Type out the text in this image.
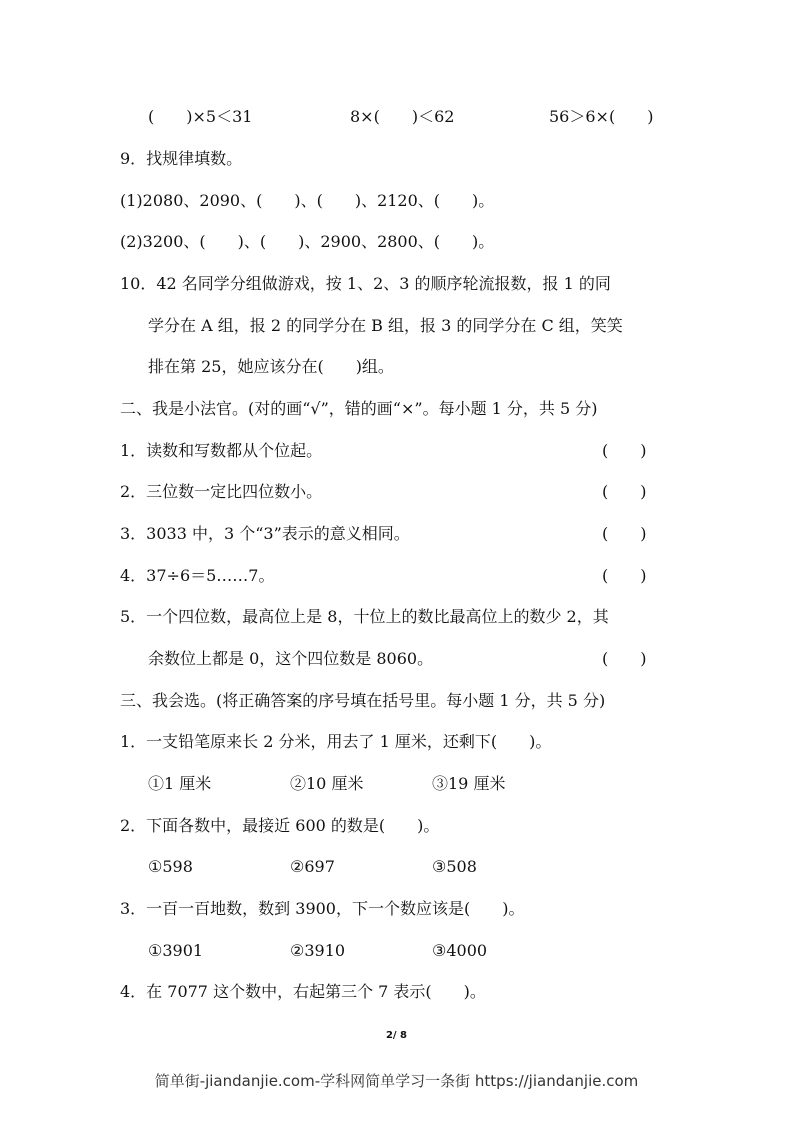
(　　)×5＜31	8×(　　)＜62	56＞6×(　　)
9．找规律填数。
(1)2080、2090、(　　)、(　　)、2120、(　　)。
(2)3200、(　　)、(　　)、2900、2800、(　　)。
10．42 名同学分组做游戏，按 1、2、3 的顺序轮流报数，报 1 的同
学分在 A 组，报 2 的同学分在 B 组，报 3 的同学分在 C 组，笑笑
排在第 25，她应该分在(　　)组。
二、我是小法官。(对的画“√”，错的画“×”。每小题 1 分，共 5 分)
1．读数和写数都从个位起。	(　　)
2．三位数一定比四位数小。	(　　)
3．3033 中，3 个“3”表示的意义相同。	(　　)
4．37÷6＝5……7。	(　　)
5．一个四位数，最高位上是 8，十位上的数比最高位上的数少 2，其
余数位上都是 0，这个四位数是 8060。	(　　)
三、我会选。(将正确答案的序号填在括号里。每小题 1 分，共 5 分)
1．一支铅笔原来长 2 分米，用去了 1 厘米，还剩下(　　)。
①1 厘米	②10 厘米	③19 厘米
2．下面各数中，最接近 600 的数是(　　)。
①598	②697	③508
3．一百一百地数，数到 3900，下一个数应该是(　　)。
①3901	②3910	③4000
4．在 7077 这个数中，右起第三个 7 表示(　　)。
2/ 8
简单街-jiandanjie.com-学科网简单学习一条街 https://jiandanjie.com
